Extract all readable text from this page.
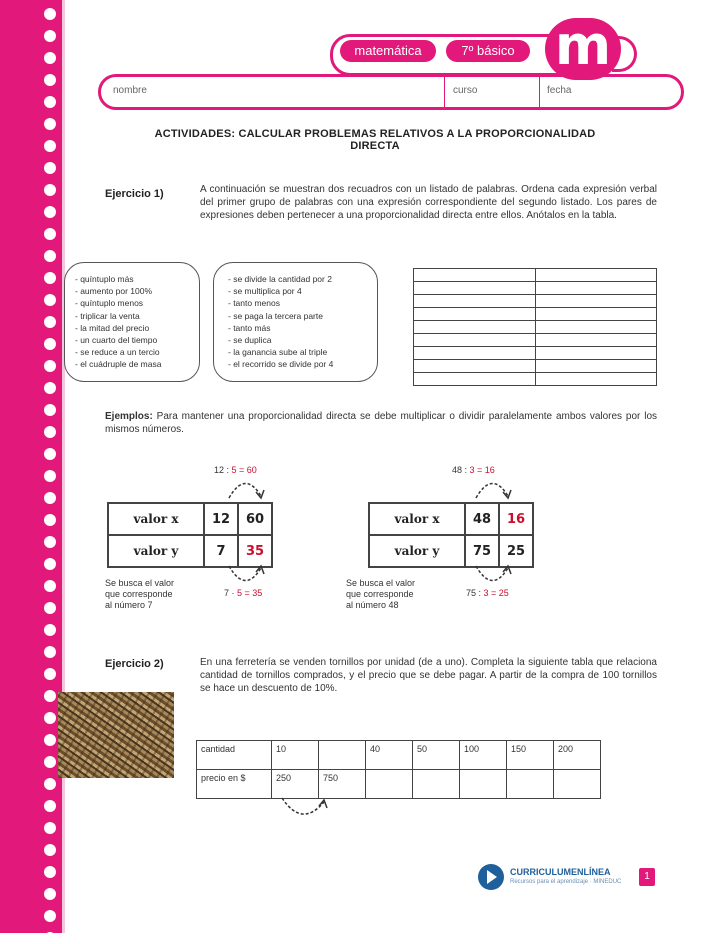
matemática	7º básico m
nombre	curso	fecha
ACTIVIDADES: CALCULAR PROBLEMAS RELATIVOS A LA PROPORCIONALIDAD
DIRECTA
Ejercicio 1)	A continuación se muestran dos recuadros con un listado de palabras. Ordena cada expresión verbal del primer grupo de palabras con una expresión correspondiente del segundo listado. Los pares de expresiones deben pertenecer a una proporcionalidad directa entre ellos. Anótalos en la tabla.
- quíntuplo más
- aumento por 100%
- quíntuplo menos
- triplicar la venta
- la mitad del precio
- un cuarto del tiempo
- se reduce a un tercio
- el cuádruple de masa
- se divide la cantidad por 2
- se multiplica por 4
- tanto menos
- se paga la tercera parte
- tanto más
- se duplica
- la ganancia sube al triple
- el recorrido se divide por 4

Ejemplos: Para mantener una proporcionalidad directa se debe multiplicar o dividir paralelamente ambos valores por los mismos números.
12 : 5 = 60
valor x	12	60
valor y	7	35
7 · 5 = 35
Se busca el valor
que corresponde
al número 7
48 : 3 = 16
valor x	48	16
valor y	75	25
75 : 3 = 25
Se busca el valor
que corresponde
al número 48
Ejercicio 2)	En una ferretería se venden tornillos por unidad (de a uno). Completa la siguiente tabla que relaciona cantidad de tornillos comprados, y el precio que se debe pagar. A partir de la compra de 100 tornillos se hace un descuento de 10%.
cantidad	10		40	50	100	150	200
precio en $	250	750					
CURRICULUMENLÍNEA
Recursos para el aprendizaje · MINEDUC	1
